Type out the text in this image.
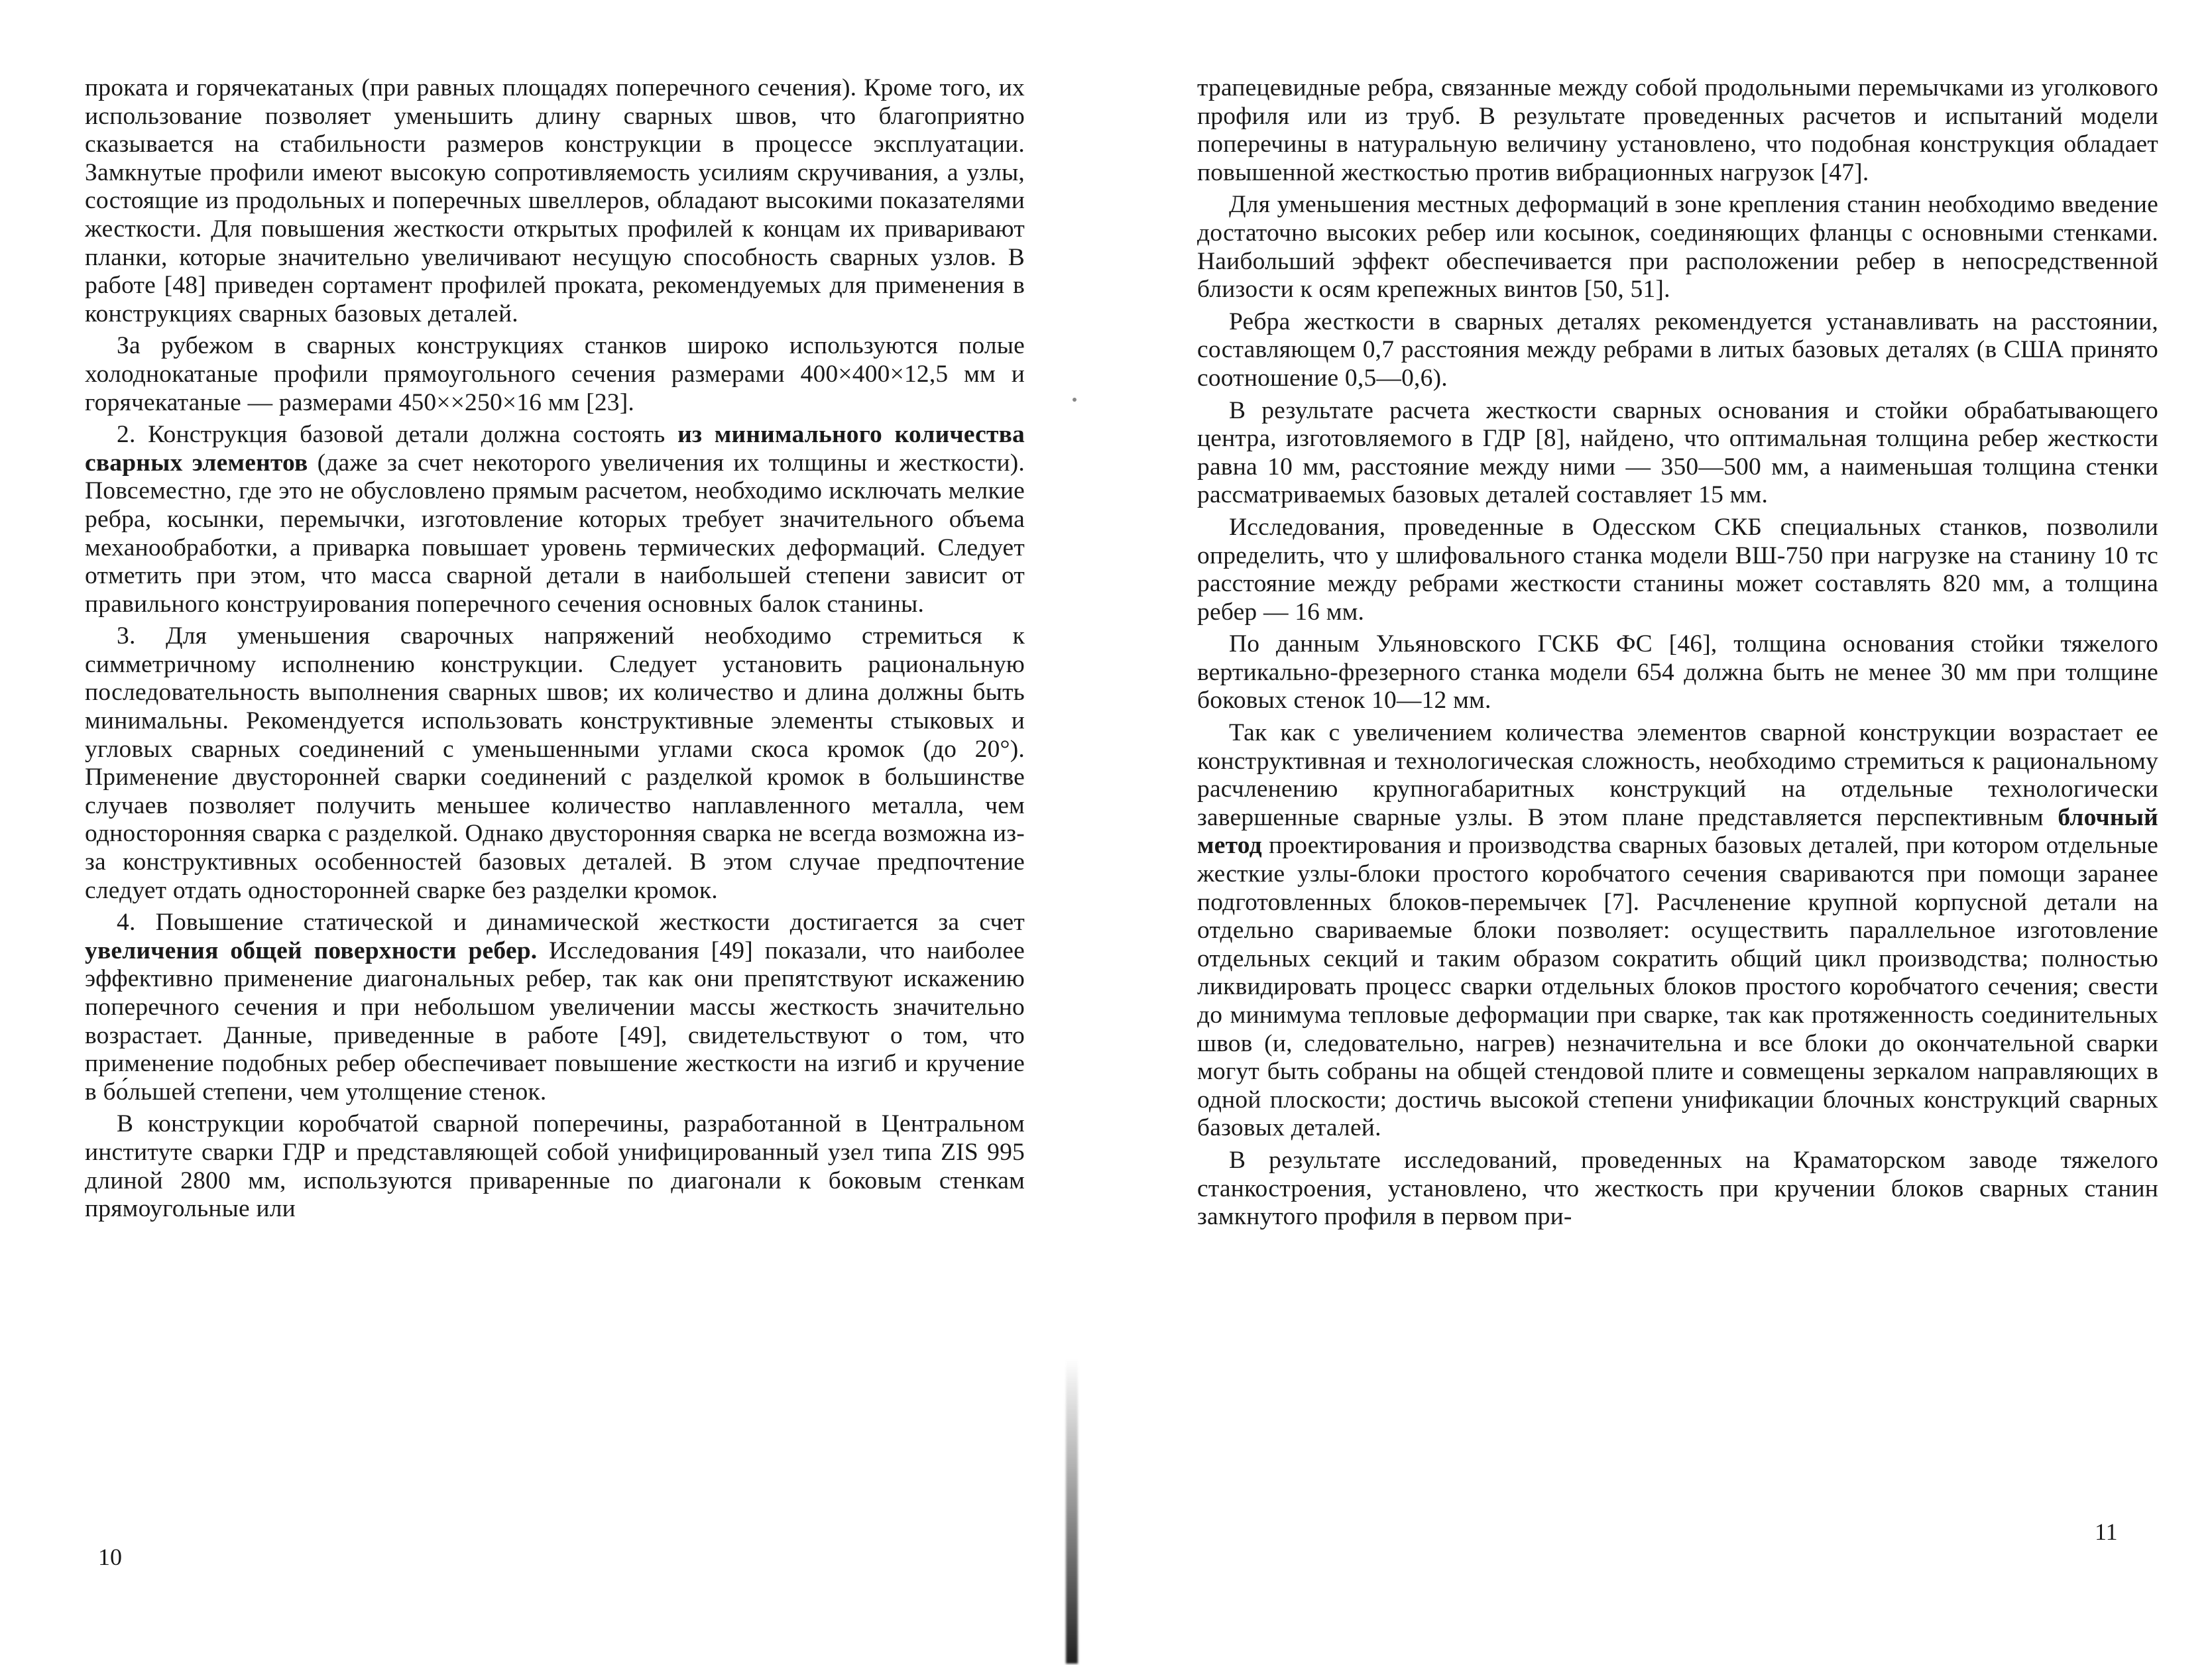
проката и горячекатаных (при равных площадях поперечного сечения). Кроме того, их использование позволяет уменьшить длину сварных швов, что благоприятно сказывается на стабильности размеров конструкции в процессе эксплуатации. Замкнутые профили имеют высокую сопротивляемость усилиям скручивания, а узлы, состоящие из продольных и поперечных швеллеров, обладают высокими показателями жесткости. Для повышения жесткости открытых профилей к концам их приваривают планки, которые значительно увеличивают несущую способность сварных узлов. В работе [48] приведен сортамент профилей проката, рекомендуемых для применения в конструкциях сварных базовых деталей.

За рубежом в сварных конструкциях станков широко используются полые холоднокатаные профили прямоугольного сечения размерами 400×400×12,5 мм и горячекатаные — размерами 450××250×16 мм [23].

2. Конструкция базовой детали должна состоять из минимального количества сварных элементов (даже за счет некоторого увеличения их толщины и жесткости). Повсеместно, где это не обусловлено прямым расчетом, необходимо исключать мелкие ребра, косынки, перемычки, изготовление которых требует значительного объема механообработки, а приварка повышает уровень термических деформаций. Следует отметить при этом, что масса сварной детали в наибольшей степени зависит от правильного конструирования поперечного сечения основных балок станины.

3. Для уменьшения сварочных напряжений необходимо стремиться к симметричному исполнению конструкции. Следует установить рациональную последовательность выполнения сварных швов; их количество и длина должны быть минимальны. Рекомендуется использовать конструктивные элементы стыковых и угловых сварных соединений с уменьшенными углами скоса кромок (до 20°). Применение двусторонней сварки соединений с разделкой кромок в большинстве случаев позволяет получить меньшее количество наплавленного металла, чем односторонняя сварка с разделкой. Однако двусторонняя сварка не всегда возможна из-за конструктивных особенностей базовых деталей. В этом случае предпочтение следует отдать односторонней сварке без разделки кромок.

4. Повышение статической и динамической жесткости достигается за счет увеличения общей поверхности ребер. Исследования [49] показали, что наиболее эффективно применение диагональных ребер, так как они препятствуют искажению поперечного сечения и при небольшом увеличении массы жесткость значительно возрастает. Данные, приведенные в работе [49], свидетельствуют о том, что применение подобных ребер обеспечивает повышение жесткости на изгиб и кручение в бо́льшей степени, чем утолщение стенок.

В конструкции коробчатой сварной поперечины, разработанной в Центральном институте сварки ГДР и представляющей собой унифицированный узел типа ZIS 995 длиной 2800 мм, используются приваренные по диагонали к боковым стенкам прямоугольные или

10

трапецевидные ребра, связанные между собой продольными перемычками из уголкового профиля или из труб. В результате проведенных расчетов и испытаний модели поперечины в натуральную величину установлено, что подобная конструкция обладает повышенной жесткостью против вибрационных нагрузок [47].

Для уменьшения местных деформаций в зоне крепления станин необходимо введение достаточно высоких ребер или косынок, соединяющих фланцы с основными стенками. Наибольший эффект обеспечивается при расположении ребер в непосредственной близости к осям крепежных винтов [50, 51].

Ребра жесткости в сварных деталях рекомендуется устанавливать на расстоянии, составляющем 0,7 расстояния между ребрами в литых базовых деталях (в США принято соотношение 0,5—0,6).

В результате расчета жесткости сварных основания и стойки обрабатывающего центра, изготовляемого в ГДР [8], найдено, что оптимальная толщина ребер жесткости равна 10 мм, расстояние между ними — 350—500 мм, а наименьшая толщина стенки рассматриваемых базовых деталей составляет 15 мм.

Исследования, проведенные в Одесском СКБ специальных станков, позволили определить, что у шлифовального станка модели ВШ-750 при нагрузке на станину 10 тс расстояние между ребрами жесткости станины может составлять 820 мм, а толщина ребер — 16 мм.

По данным Ульяновского ГСКБ ФС [46], толщина основания стойки тяжелого вертикально-фрезерного станка модели 654 должна быть не менее 30 мм при толщине боковых стенок 10—12 мм.

Так как с увеличением количества элементов сварной конструкции возрастает ее конструктивная и технологическая сложность, необходимо стремиться к рациональному расчленению крупногабаритных конструкций на отдельные технологически завершенные сварные узлы. В этом плане представляется перспективным блочный метод проектирования и производства сварных базовых деталей, при котором отдельные жесткие узлы-блоки простого коробчатого сечения свариваются при помощи заранее подготовленных блоков-перемычек [7]. Расчленение крупной корпусной детали на отдельно свариваемые блоки позволяет: осуществить параллельное изготовление отдельных секций и таким образом сократить общий цикл производства; полностью ликвидировать процесс сварки отдельных блоков простого коробчатого сечения; свести до минимума тепловые деформации при сварке, так как протяженность соединительных швов (и, следовательно, нагрев) незначительна и все блоки до окончательной сварки могут быть собраны на общей стендовой плите и совмещены зеркалом направляющих в одной плоскости; достичь высокой степени унификации блочных конструкций сварных базовых деталей.

В результате исследований, проведенных на Краматорском заводе тяжелого станкостроения, установлено, что жесткость при кручении блоков сварных станин замкнутого профиля в первом при-

11
